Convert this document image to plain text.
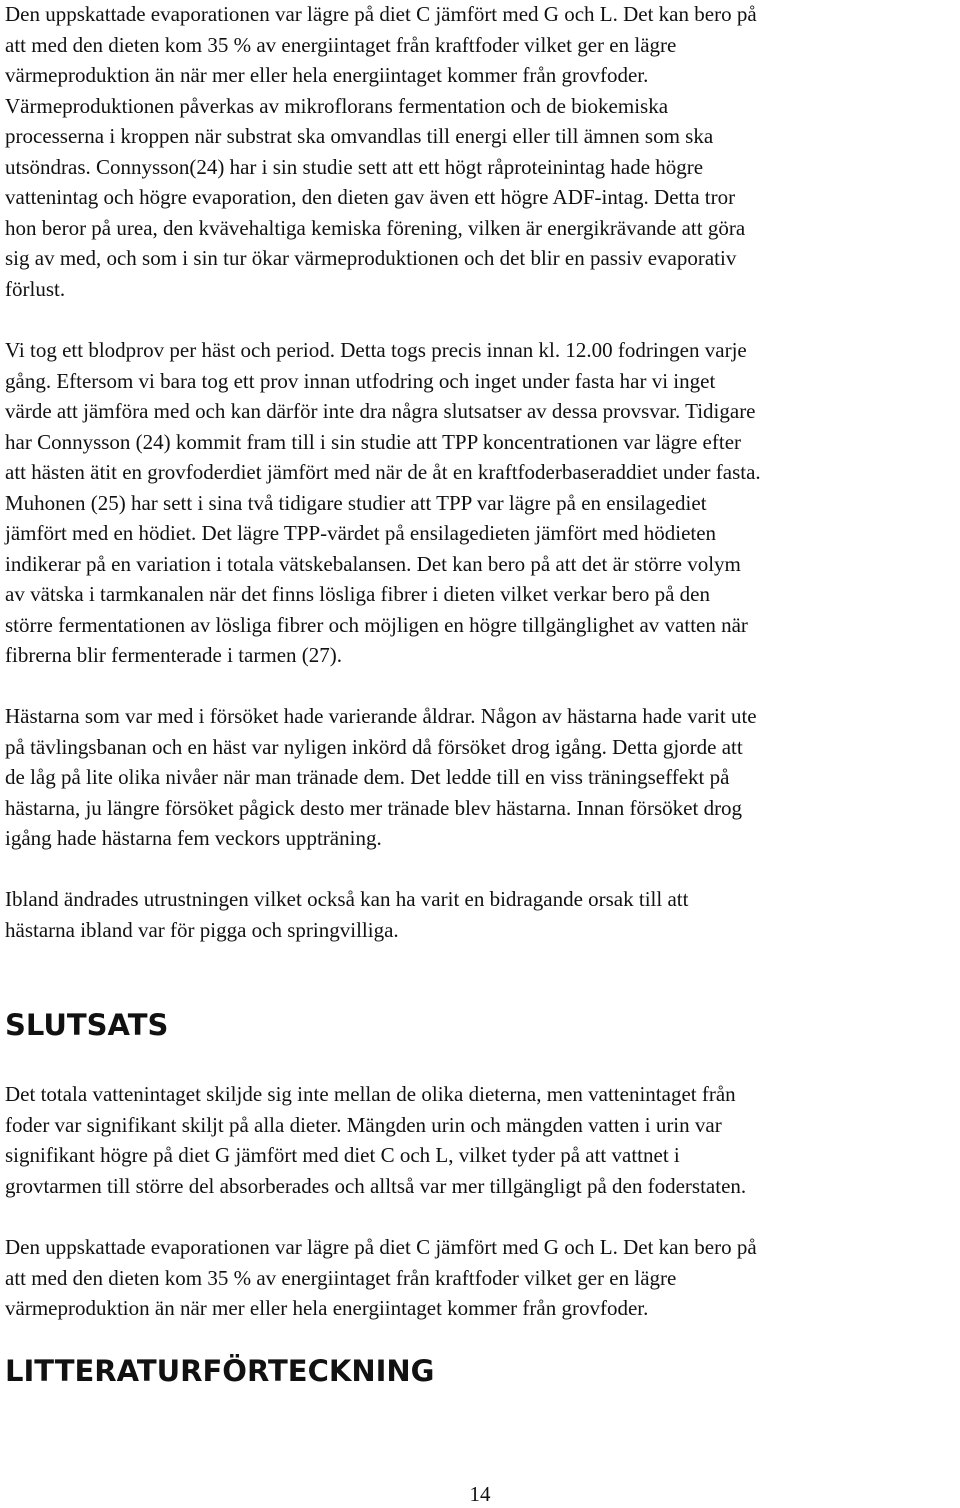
Den uppskattade evaporationen var lägre på diet C jämfört med G och L. Det kan bero på
att med den dieten kom 35 % av energiintaget från kraftfoder vilket ger en lägre
värmeproduktion än när mer eller hela energiintaget kommer från grovfoder.
Värmeproduktionen påverkas av mikroflorans fermentation och de biokemiska
processerna i kroppen när substrat ska omvandlas till energi eller till ämnen som ska
utsöndras. Connysson(24) har i sin studie sett att ett högt råproteinintag hade högre
vattenintag och högre evaporation, den dieten gav även ett högre ADF-intag. Detta tror
hon beror på urea, den kvävehaltiga kemiska förening, vilken är energikrävande att göra
sig av med, och som i sin tur ökar värmeproduktionen och det blir en passiv evaporativ
förlust.

Vi tog ett blodprov per häst och period. Detta togs precis innan kl. 12.00 fodringen varje
gång. Eftersom vi bara tog ett prov innan utfodring och inget under fasta har vi inget
värde att jämföra med och kan därför inte dra några slutsatser av dessa provsvar. Tidigare
har Connysson (24) kommit fram till i sin studie att TPP koncentrationen var lägre efter
att hästen ätit en grovfoderdiet jämfört med när de åt en kraftfoderbaseraddiet under fasta.
Muhonen (25) har sett i sina två tidigare studier att TPP var lägre på en ensilagediet
jämfört med en hödiet. Det lägre TPP-värdet på ensilagedieten jämfört med hödieten
indikerar på en variation i totala vätskebalansen. Det kan bero på att det är större volym
av vätska i tarmkanalen när det finns lösliga fibrer i dieten vilket verkar bero på den
större fermentationen av lösliga fibrer och möjligen en högre tillgänglighet av vatten när
fibrerna blir fermenterade i tarmen (27).

Hästarna som var med i försöket hade varierande åldrar. Någon av hästarna hade varit ute
på tävlingsbanan och en häst var nyligen inkörd då försöket drog igång. Detta gjorde att
de låg på lite olika nivåer när man tränade dem. Det ledde till en viss träningseffekt på
hästarna, ju längre försöket pågick desto mer tränade blev hästarna. Innan försöket drog
igång hade hästarna fem veckors uppträning.

Ibland ändrades utrustningen vilket också kan ha varit en bidragande orsak till att
hästarna ibland var för pigga och springvilliga.

SLUTSATS

Det totala vattenintaget skiljde sig inte mellan de olika dieterna, men vattenintaget från
foder var signifikant skiljt på alla dieter. Mängden urin och mängden vatten i urin var
signifikant högre på diet G jämfört med diet C och L, vilket tyder på att vattnet i
grovtarmen till större del absorberades och alltså var mer tillgängligt på den foderstaten.

Den uppskattade evaporationen var lägre på diet C jämfört med G och L. Det kan bero på
att med den dieten kom 35 % av energiintaget från kraftfoder vilket ger en lägre
värmeproduktion än när mer eller hela energiintaget kommer från grovfoder.

LITTERATURFÖRTECKNING
14
